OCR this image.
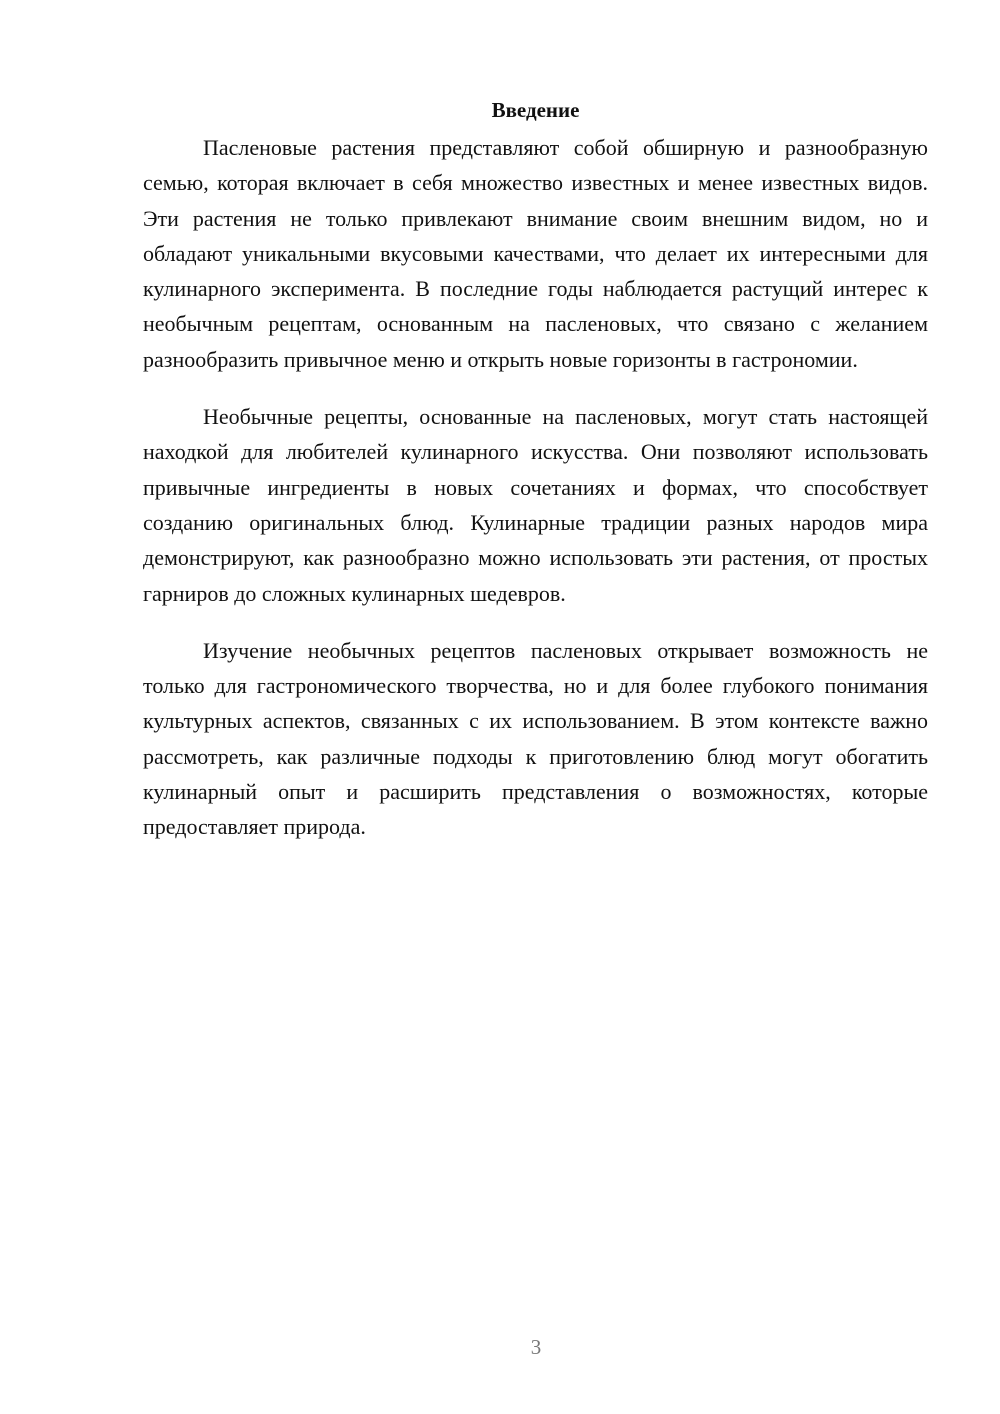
Введение

Пасленовые растения представляют собой обширную и разнообразную семью, которая включает в себя множество известных и менее известных видов. Эти растения не только привлекают внимание своим внешним видом, но и обладают уникальными вкусовыми качествами, что делает их интересными для кулинарного эксперимента. В последние годы наблюдается растущий интерес к необычным рецептам, основанным на пасленовых, что связано с желанием разнообразить привычное меню и открыть новые горизонты в гастрономии.

Необычные рецепты, основанные на пасленовых, могут стать настоящей находкой для любителей кулинарного искусства. Они позволяют использовать привычные ингредиенты в новых сочетаниях и формах, что способствует созданию оригинальных блюд. Кулинарные традиции разных народов мира демонстрируют, как разнообразно можно использовать эти растения, от простых гарниров до сложных кулинарных шедевров.

Изучение необычных рецептов пасленовых открывает возможность не только для гастрономического творчества, но и для более глубокого понимания культурных аспектов, связанных с их использованием. В этом контексте важно рассмотреть, как различные подходы к приготовлению блюд могут обогатить кулинарный опыт и расширить представления о возможностях, которые предоставляет природа.

3
